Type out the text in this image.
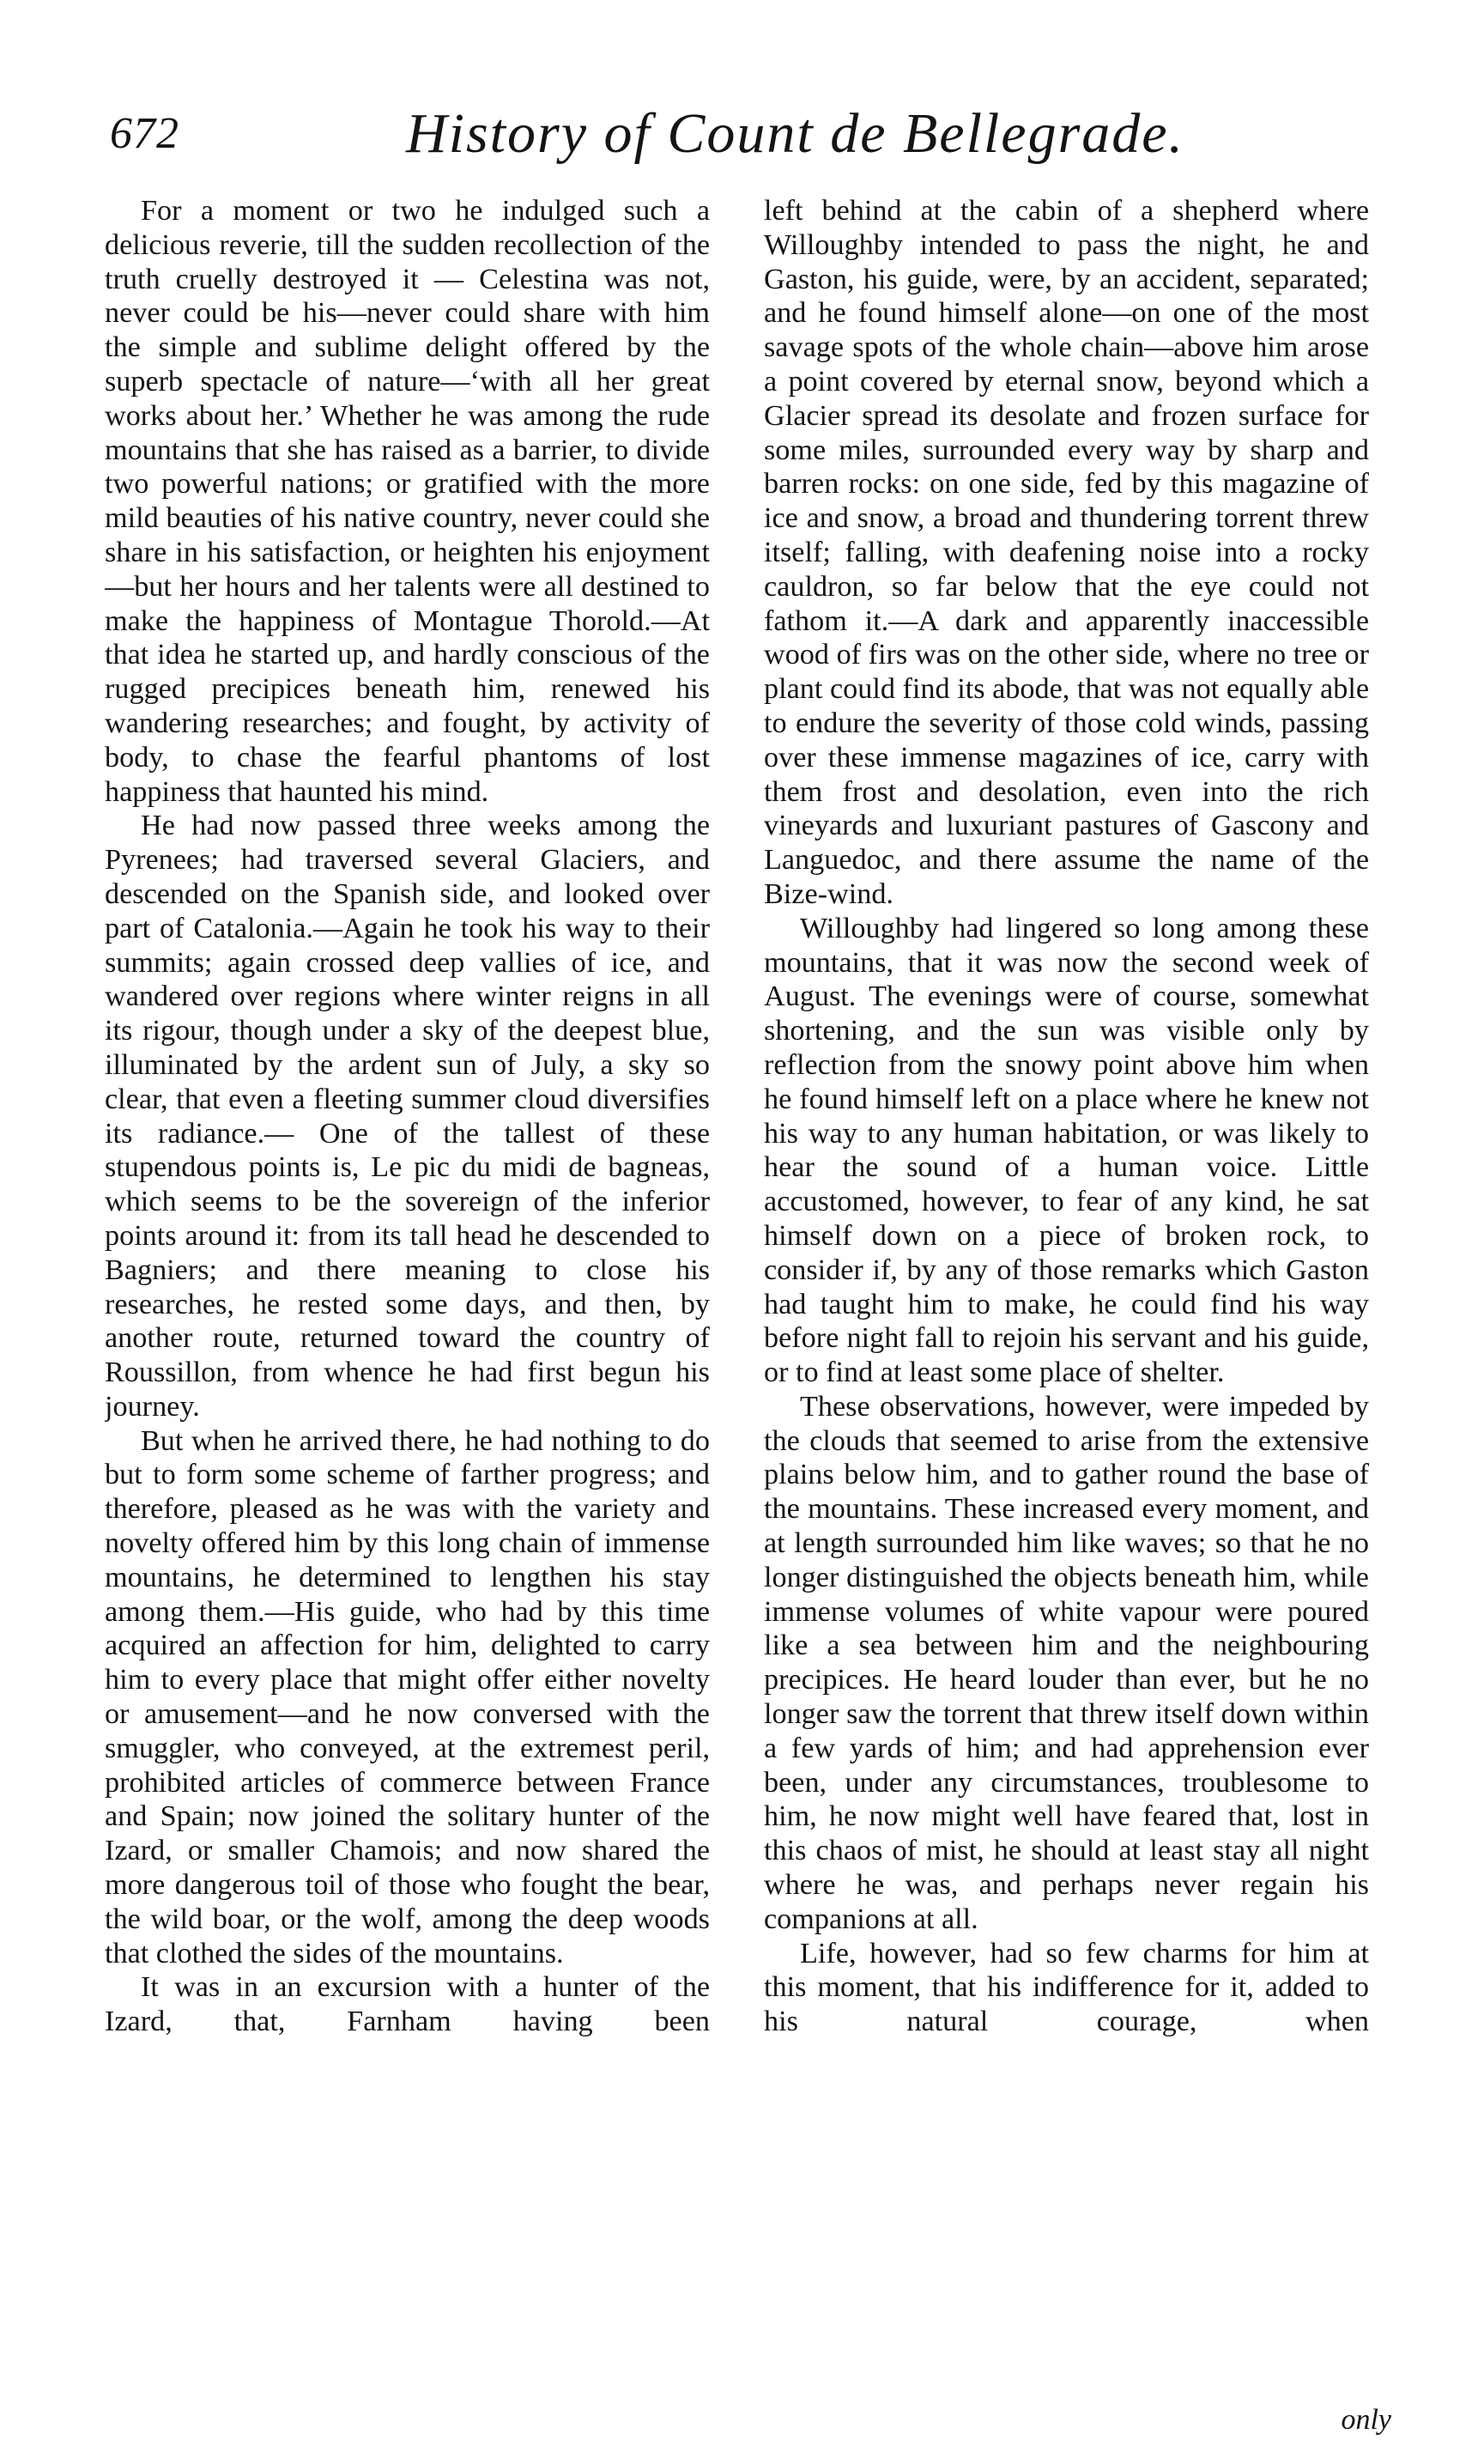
672	History of Count de Bellegrade.

For a moment or two he indulged such a delicious reverie, till the sudden recollection of the truth cruelly destroyed it — Celestina was not, never could be his—never could share with him the simple and sublime delight offered by the superb spectacle of nature—‘with all her great works about her.’ Whether he was among the rude mountains that she has raised as a barrier, to divide two powerful nations; or gratified with the more mild beauties of his native country, never could she share in his satisfaction, or heighten his enjoyment—but her hours and her talents were all destined to make the happiness of Montague Thorold.—At that idea he started up, and hardly conscious of the rugged precipices beneath him, renewed his wandering researches; and fought, by activity of body, to chase the fearful phantoms of lost happiness that haunted his mind.

He had now passed three weeks among the Pyrenees; had traversed several Glaciers, and descended on the Spanish side, and looked over part of Catalonia.—Again he took his way to their summits; again crossed deep vallies of ice, and wandered over regions where winter reigns in all its rigour, though under a sky of the deepest blue, illuminated by the ardent sun of July, a sky so clear, that even a fleeting summer cloud diversifies its radiance.— One of the tallest of these stupendous points is, Le pic du midi de bagneas, which seems to be the sovereign of the inferior points around it: from its tall head he descended to Bagniers; and there meaning to close his researches, he rested some days, and then, by another route, returned toward the country of Roussillon, from whence he had first begun his journey.

But when he arrived there, he had nothing to do but to form some scheme of farther progress; and therefore, pleased as he was with the variety and novelty offered him by this long chain of immense mountains, he determined to lengthen his stay among them.—His guide, who had by this time acquired an affection for him, delighted to carry him to every place that might offer either novelty or amusement—and he now conversed with the smuggler, who conveyed, at the extremest peril, prohibited articles of commerce between France and Spain; now joined the solitary hunter of the Izard, or smaller Chamois; and now shared the more dangerous toil of those who fought the bear, the wild boar, or the wolf, among the deep woods that clothed the sides of the mountains.

It was in an excursion with a hunter of the Izard, that, Farnham having been

left behind at the cabin of a shepherd where Willoughby intended to pass the night, he and Gaston, his guide, were, by an accident, separated; and he found himself alone—on one of the most savage spots of the whole chain—above him arose a point covered by eternal snow, beyond which a Glacier spread its desolate and frozen surface for some miles, surrounded every way by sharp and barren rocks: on one side, fed by this magazine of ice and snow, a broad and thundering torrent threw itself; falling, with deafening noise into a rocky cauldron, so far below that the eye could not fathom it.—A dark and apparently inaccessible wood of firs was on the other side, where no tree or plant could find its abode, that was not equally able to endure the severity of those cold winds, passing over these immense magazines of ice, carry with them frost and desolation, even into the rich vineyards and luxuriant pastures of Gascony and Languedoc, and there assume the name of the Bize-wind.

Willoughby had lingered so long among these mountains, that it was now the second week of August. The evenings were of course, somewhat shortening, and the sun was visible only by reflection from the snowy point above him when he found himself left on a place where he knew not his way to any human habitation, or was likely to hear the sound of a human voice. Little accustomed, however, to fear of any kind, he sat himself down on a piece of broken rock, to consider if, by any of those remarks which Gaston had taught him to make, he could find his way before night fall to rejoin his servant and his guide, or to find at least some place of shelter.

These observations, however, were impeded by the clouds that seemed to arise from the extensive plains below him, and to gather round the base of the mountains. These increased every moment, and at length surrounded him like waves; so that he no longer distinguished the objects beneath him, while immense volumes of white vapour were poured like a sea between him and the neighbouring precipices. He heard louder than ever, but he no longer saw the torrent that threw itself down within a few yards of him; and had apprehension ever been, under any circumstances, troublesome to him, he now might well have feared that, lost in this chaos of mist, he should at least stay all night where he was, and perhaps never regain his companions at all.

Life, however, had so few charms for him at this moment, that his indifference for it, added to his natural courage, when

only
